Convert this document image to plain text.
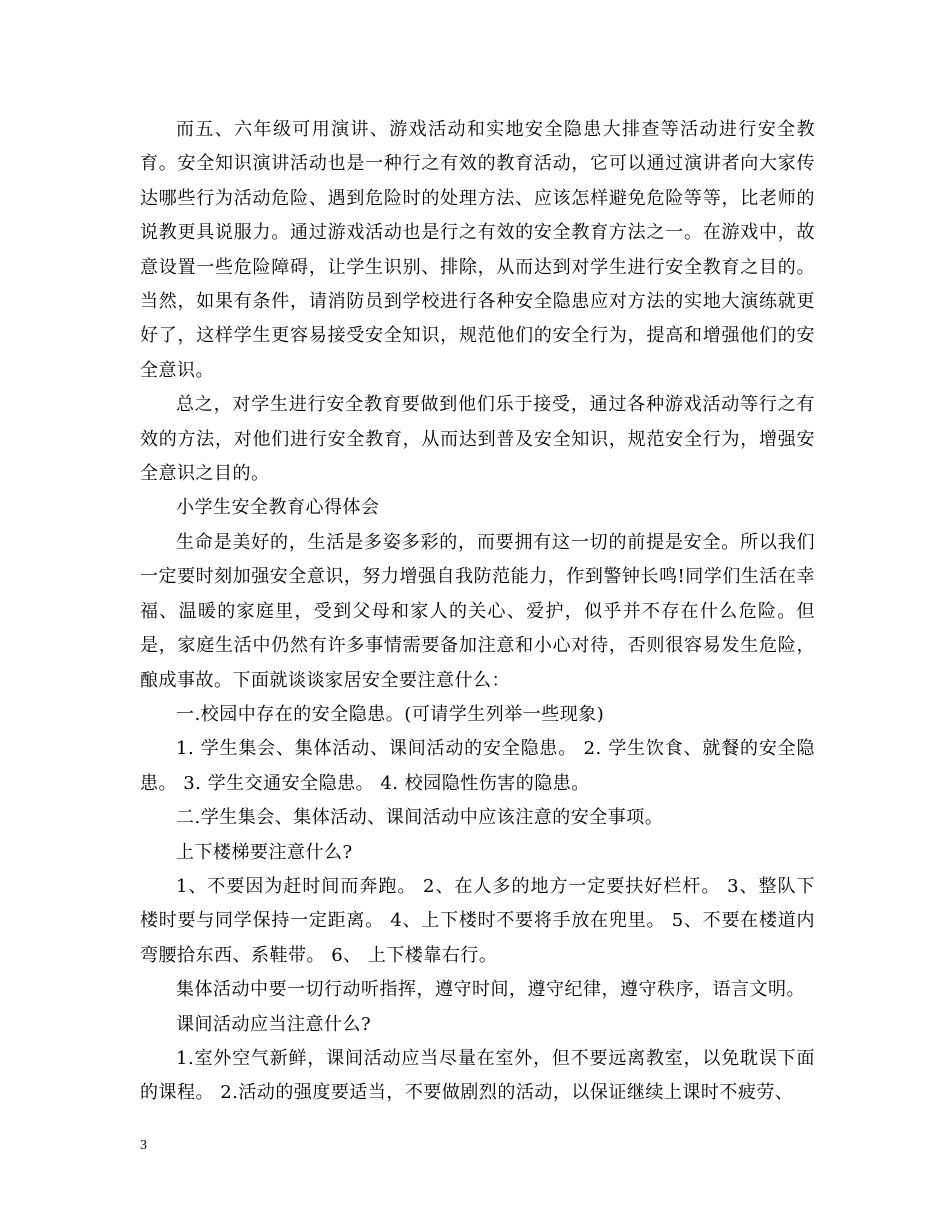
而五、六年级可用演讲、游戏活动和实地安全隐患大排查等活动进行安全教育。安全知识演讲活动也是一种行之有效的教育活动，它可以通过演讲者向大家传达哪些行为活动危险、遇到危险时的处理方法、应该怎样避免危险等等，比老师的说教更具说服力。通过游戏活动也是行之有效的安全教育方法之一。在游戏中，故意设置一些危险障碍，让学生识别、排除，从而达到对学生进行安全教育之目的。当然，如果有条件，请消防员到学校进行各种安全隐患应对方法的实地大演练就更好了，这样学生更容易接受安全知识，规范他们的安全行为，提高和增强他们的安全意识。

总之，对学生进行安全教育要做到他们乐于接受，通过各种游戏活动等行之有效的方法，对他们进行安全教育，从而达到普及安全知识，规范安全行为，增强安全意识之目的。

小学生安全教育心得体会

生命是美好的，生活是多姿多彩的，而要拥有这一切的前提是安全。所以我们一定要时刻加强安全意识，努力增强自我防范能力，作到警钟长鸣!同学们生活在幸福、温暖的家庭里，受到父母和家人的关心、爱护，似乎并不存在什么危险。但是，家庭生活中仍然有许多事情需要备加注意和小心对待，否则很容易发生危险，酿成事故。下面就谈谈家居安全要注意什么：

一.校园中存在的安全隐患。(可请学生列举一些现象)

1. 学生集会、集体活动、课间活动的安全隐患。 2. 学生饮食、就餐的安全隐患。 3. 学生交通安全隐患。 4. 校园隐性伤害的隐患。

二.学生集会、集体活动、课间活动中应该注意的安全事项。

上下楼梯要注意什么?

1、不要因为赶时间而奔跑。 2、在人多的地方一定要扶好栏杆。 3、整队下楼时要与同学保持一定距离。 4、上下楼时不要将手放在兜里。 5、不要在楼道内弯腰拾东西、系鞋带。 6、 上下楼靠右行。

集体活动中要一切行动听指挥，遵守时间，遵守纪律，遵守秩序，语言文明。

课间活动应当注意什么?

1.室外空气新鲜，课间活动应当尽量在室外，但不要远离教室，以免耽误下面的课程。 2.活动的强度要适当，不要做剧烈的活动，以保证继续上课时不疲劳、

3
